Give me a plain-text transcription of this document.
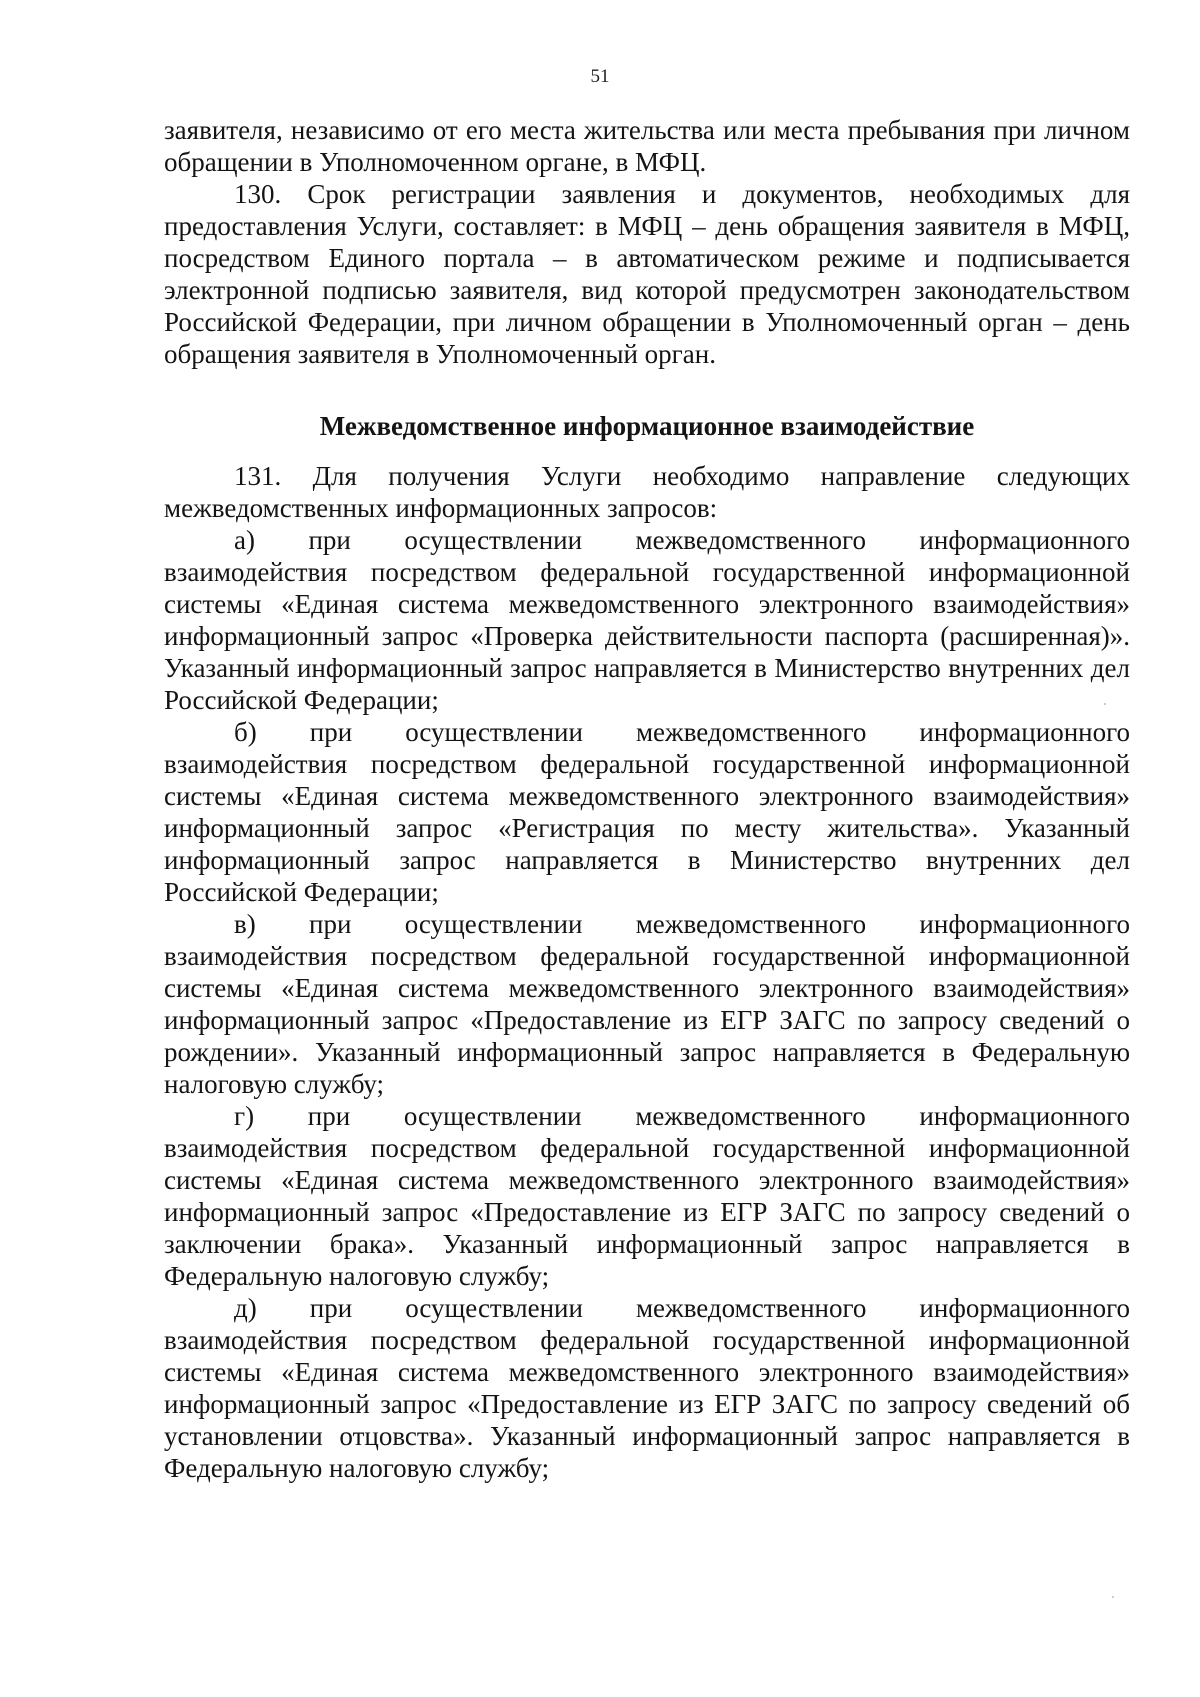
51

заявителя, независимо от его места жительства или места пребывания при личном обращении в Уполномоченном органе, в МФЦ.

130. Срок регистрации заявления и документов, необходимых для предоставления Услуги, составляет: в МФЦ – день обращения заявителя в МФЦ, посредством Единого портала – в автоматическом режиме и подписывается электронной подписью заявителя, вид которой предусмотрен законодательством Российской Федерации, при личном обращении в Уполномоченный орган – день обращения заявителя в Уполномоченный орган.

Межведомственное информационное взаимодействие

131. Для получения Услуги необходимо направление следующих межведомственных информационных запросов:

а) при осуществлении межведомственного информационного взаимодействия посредством федеральной государственной информационной системы «Единая система межведомственного электронного взаимодействия» информационный запрос «Проверка действительности паспорта (расширенная)». Указанный информационный запрос направляется в Министерство внутренних дел Российской Федерации;

б) при осуществлении межведомственного информационного взаимодействия посредством федеральной государственной информационной системы «Единая система межведомственного электронного взаимодействия» информационный запрос «Регистрация по месту жительства». Указанный информационный запрос направляется в Министерство внутренних дел Российской Федерации;

в) при осуществлении межведомственного информационного взаимодействия посредством федеральной государственной информационной системы «Единая система межведомственного электронного взаимодействия» информационный запрос «Предоставление из ЕГР ЗАГС по запросу сведений о рождении». Указанный информационный запрос направляется в Федеральную налоговую службу;

г) при осуществлении межведомственного информационного взаимодействия посредством федеральной государственной информационной системы «Единая система межведомственного электронного взаимодействия» информационный запрос «Предоставление из ЕГР ЗАГС по запросу сведений о заключении брака». Указанный информационный запрос направляется в Федеральную налоговую службу;

д) при осуществлении межведомственного информационного взаимодействия посредством федеральной государственной информационной системы «Единая система межведомственного электронного взаимодействия» информационный запрос «Предоставление из ЕГР ЗАГС по запросу сведений об установлении отцовства». Указанный информационный запрос направляется в Федеральную налоговую службу;
